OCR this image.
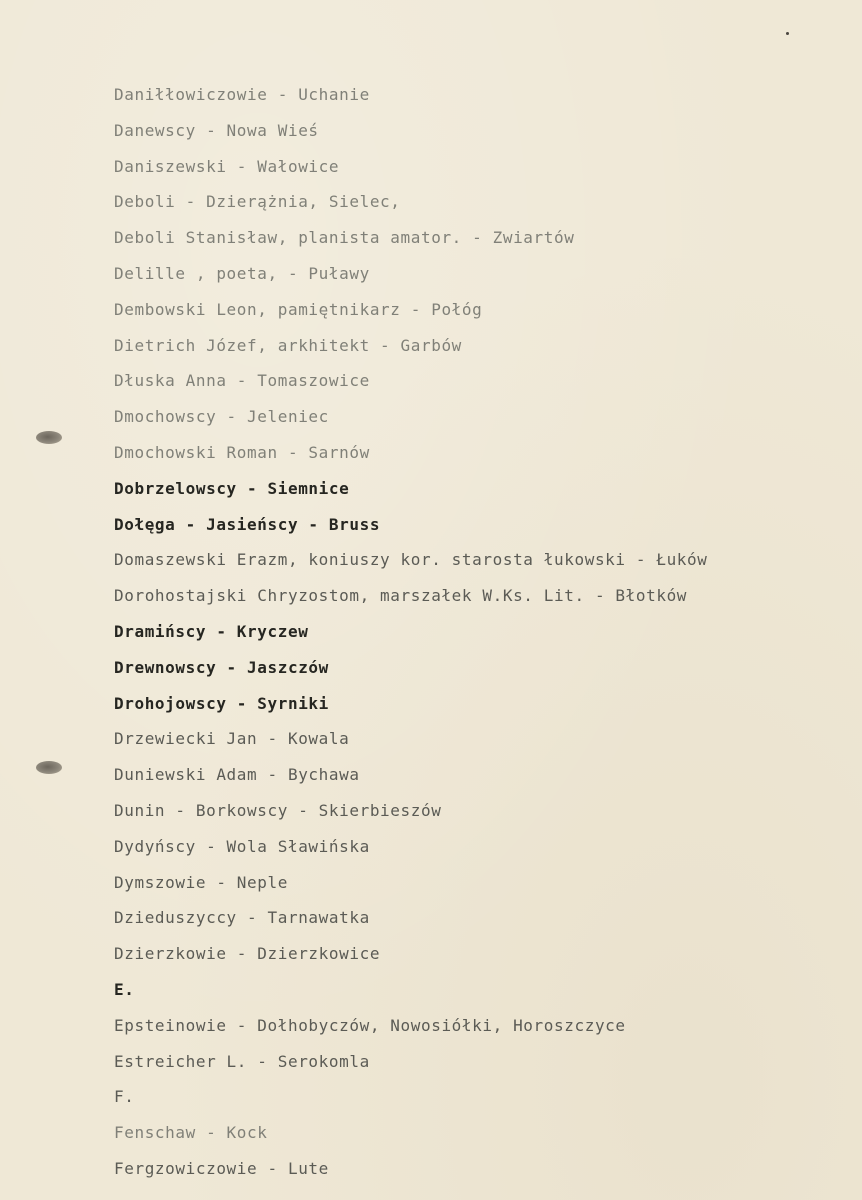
Daniłłowiczowie - Uchanie
Danewscy - Nowa Wieś
Daniszewski - Wałowice
Deboli - Dzierążnia, Sielec,
Deboli Stanisław, planista amator. - Zwiartów
Delille , poeta, - Puławy
Dembowski Leon, pamiętnikarz - Połóg
Dietrich Józef, arkhitekt - Garbów
Dłuska Anna - Tomaszowice
Dmochowscy - Jeleniec
Dmochowski Roman - Sarnów
Dobrzelowscy - Siemnice
Dołęga - Jasieńscy - Bruss
Domaszewski Erazm, koniuszy kor. starosta łukowski - Łuków
Dorohostajski Chryzostom, marszałek W.Ks. Lit. - Błotków
Dramińscy - Kryczew
Drewnowscy - Jaszczów
Drohojowscy - Syrniki
Drzewiecki Jan - Kowala
Duniewski Adam - Bychawa
Dunin - Borkowscy - Skierbieszów
Dydyńscy - Wola Sławińska
Dymszowie - Neple
Dzieduszyccy - Tarnawatka
Dzierzkowie - Dzierzkowice
E.
Epsteinowie - Dołhobyczów, Nowosiółki, Horoszczyce
Estreicher L. - Serokomla
F.
Fenschaw - Kock
Fergzowiczowie - Lute
